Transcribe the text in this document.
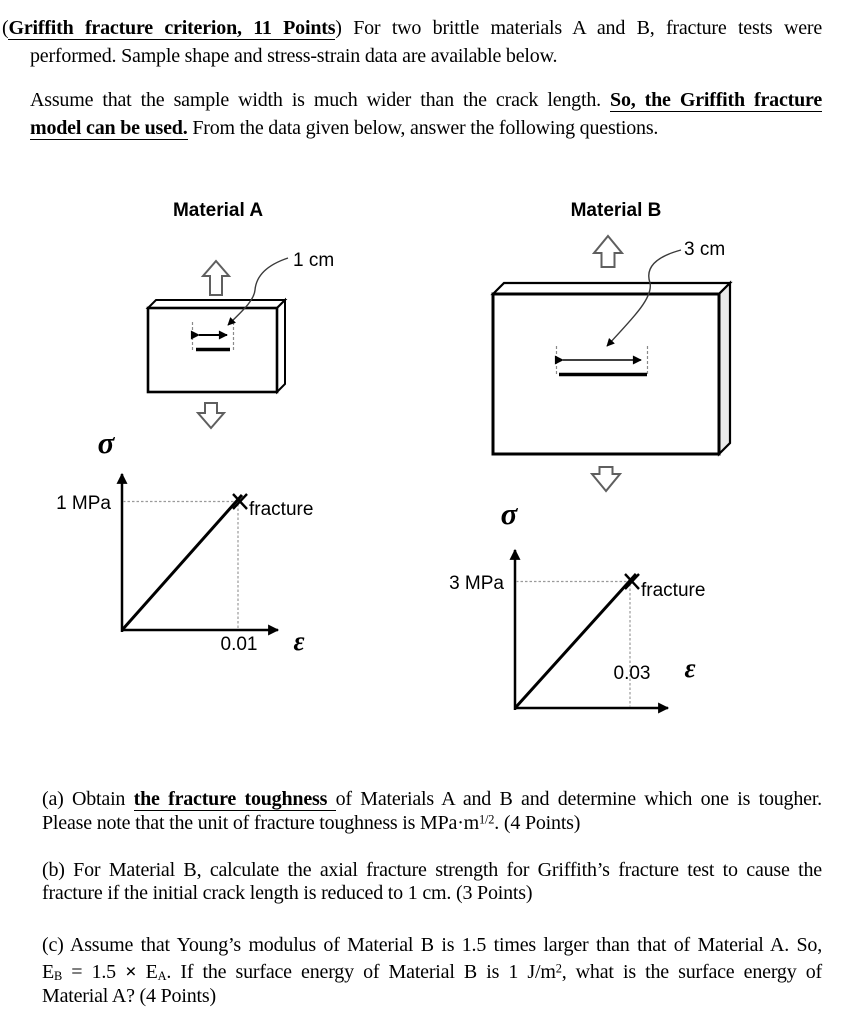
(Griffith fracture criterion, 11 Points) For two brittle materials A and B, fracture tests were
performed. Sample shape and stress-strain data are available below.
Assume that the sample width is much wider than the crack length. So, the Griffith fracture
model can be used. From the data given below, answer the following questions.
Material A
1 cm
σ
ε
1 MPa	fracture
0.01
Material B
3 cm
σ
ε
3 MPa	fracture
0.03
(a) Obtain the fracture toughness of Materials A and B and determine which one is tougher.
Please note that the unit of fracture toughness is $MPa\cdot m^{1/2}$. (4 Points)
(b) For Material B, calculate the axial fracture strength for Griffith’s fracture test to cause the
fracture if the initial crack length is reduced to 1 cm. (3 Points)
(c) Assume that Young’s modulus of Material B is 1.5 times larger than that of Material A. So,
$E_B = 1.5 \times E_A$. If the surface energy of Material B is 1 $J/m^2$, what is the surface energy of
Material A? (4 Points)
